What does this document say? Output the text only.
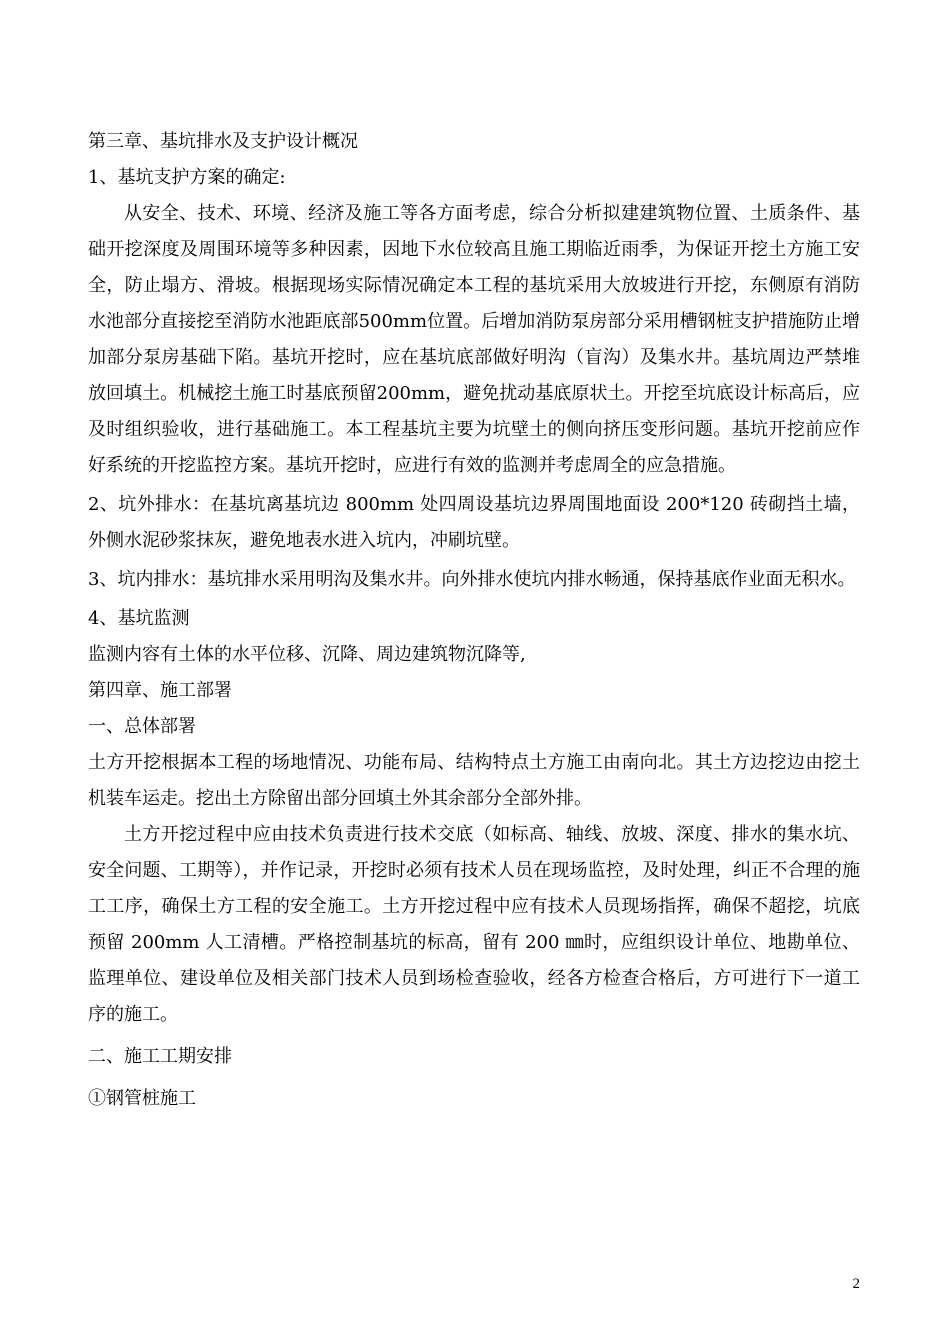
第三章、基坑排水及支护设计概况

1、基坑支护方案的确定:

从安全、技术、环境、经济及施工等各方面考虑，综合分析拟建建筑物位置、土质条件、基础开挖深度及周围环境等多种因素，因地下水位较高且施工期临近雨季，为保证开挖土方施工安全，防止塌方、滑坡。根据现场实际情况确定本工程的基坑采用大放坡进行开挖，东侧原有消防水池部分直接挖至消防水池距底部500mm位置。后增加消防泵房部分采用槽钢桩支护措施防止增加部分泵房基础下陷。基坑开挖时，应在基坑底部做好明沟（盲沟）及集水井。基坑周边严禁堆放回填土。机械挖土施工时基底预留200mm，避免扰动基底原状土。开挖至坑底设计标高后，应及时组织验收，进行基础施工。本工程基坑主要为坑壁土的侧向挤压变形问题。基坑开挖前应作好系统的开挖监控方案。基坑开挖时，应进行有效的监测并考虑周全的应急措施。

2、坑外排水：在基坑离基坑边 800mm 处四周设基坑边界周围地面设 200*120 砖砌挡土墙，外侧水泥砂浆抹灰，避免地表水进入坑内，冲刷坑壁。

3、坑内排水：基坑排水采用明沟及集水井。向外排水使坑内排水畅通，保持基底作业面无积水。

4、基坑监测

监测内容有土体的水平位移、沉降、周边建筑物沉降等,

第四章、施工部署

一、总体部署

土方开挖根据本工程的场地情况、功能布局、结构特点土方施工由南向北。其土方边挖边由挖土机装车运走。挖出土方除留出部分回填土外其余部分全部外排。

土方开挖过程中应由技术负责进行技术交底（如标高、轴线、放坡、深度、排水的集水坑、安全问题、工期等），并作记录，开挖时必须有技术人员在现场监控，及时处理，纠正不合理的施工工序，确保土方工程的安全施工。土方开挖过程中应有技术人员现场指挥，确保不超挖，坑底预留 200mm 人工清槽。严格控制基坑的标高，留有 200 ㎜时，应组织设计单位、地勘单位、监理单位、建设单位及相关部门技术人员到场检查验收，经各方检查合格后，方可进行下一道工序的施工。

二、施工工期安排

①钢管桩施工

2
